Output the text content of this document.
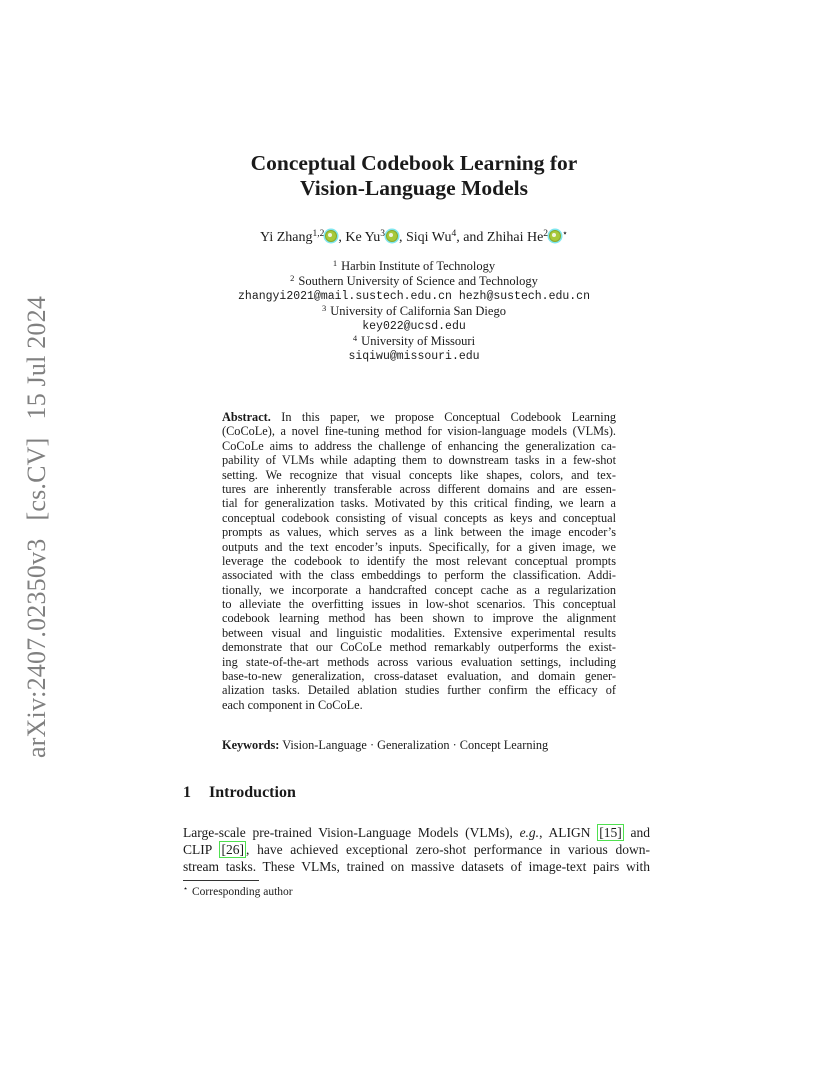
arXiv:2407.02350v3[cs.CV]15 Jul 2024
Conceptual Codebook Learning for
Vision-Language Models
Yi Zhang$^{1,2}$ , Ke Yu$^3$ , Siqi Wu$^4$, and Zhihai He$^2$ ⋆
$^1$ Harbin Institute of Technology
$^2$ Southern University of Science and Technology
zhangyi2021@mail.sustech.edu.cn hezh@sustech.edu.cn
$^3$ University of California San Diego
key022@ucsd.edu
$^4$ University of Missouri
siqiwu@missouri.edu
Abstract. In this paper, we propose Conceptual Codebook Learning
(CoCoLe), a novel fine-tuning method for vision-language models (VLMs).
CoCoLe aims to address the challenge of enhancing the generalization ca-
pability of VLMs while adapting them to downstream tasks in a few-shot
setting. We recognize that visual concepts like shapes, colors, and tex-
tures are inherently transferable across different domains and are essen-
tial for generalization tasks. Motivated by this critical finding, we learn a
conceptual codebook consisting of visual concepts as keys and conceptual
prompts as values, which serves as a link between the image encoder’s
outputs and the text encoder’s inputs. Specifically, for a given image, we
leverage the codebook to identify the most relevant conceptual prompts
associated with the class embeddings to perform the classification. Addi-
tionally, we incorporate a handcrafted concept cache as a regularization
to alleviate the overfitting issues in low-shot scenarios. This conceptual
codebook learning method has been shown to improve the alignment
between visual and linguistic modalities. Extensive experimental results
demonstrate that our CoCoLe method remarkably outperforms the exist-
ing state-of-the-art methods across various evaluation settings, including
base-to-new generalization, cross-dataset evaluation, and domain gener-
alization tasks. Detailed ablation studies further confirm the efficacy of
each component in CoCoLe.
Keywords: Vision-Language · Generalization · Concept Learning
1 Introduction
Large-scale pre-trained Vision-Language Models (VLMs), e.g., ALIGN [15] and
CLIP [26] , have achieved exceptional zero-shot performance in various down-
stream tasks. These VLMs, trained on massive datasets of image-text pairs with
⋆ Corresponding author
